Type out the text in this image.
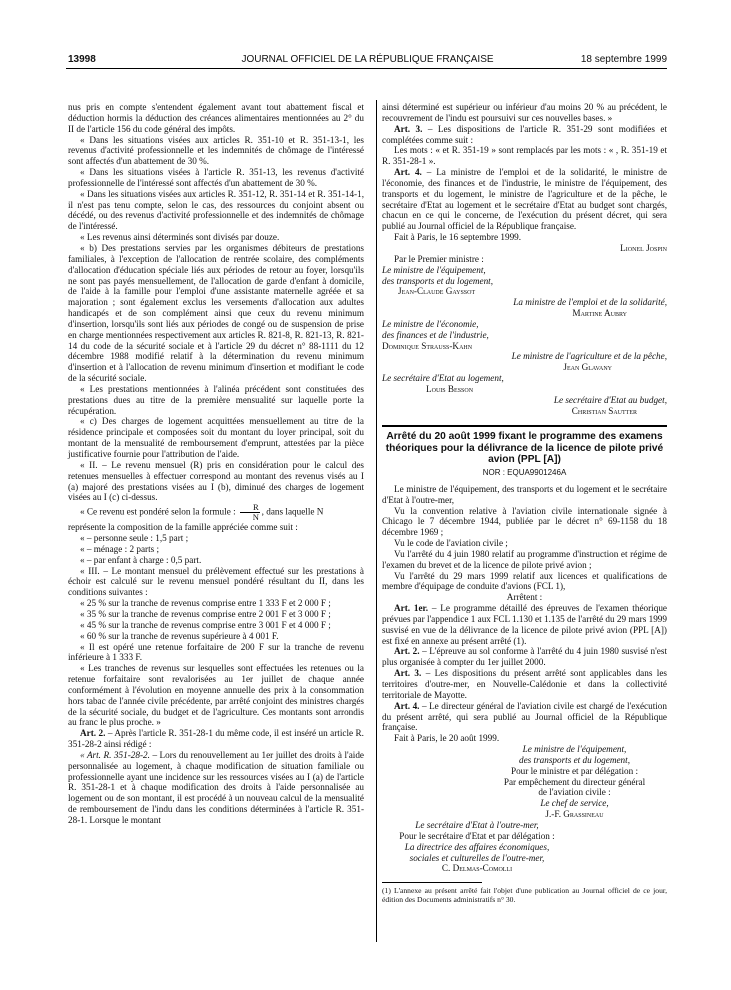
13998	JOURNAL OFFICIEL DE LA RÉPUBLIQUE FRANÇAISE	18 septembre 1999

nus pris en compte s'entendent également avant tout abattement fiscal et déduction hormis la déduction des créances alimentaires mentionnées au 2° du II de l'article 156 du code général des impôts.

« Dans les situations visées aux articles R. 351-10 et R. 351-13-1, les revenus d'activité professionnelle et les indemnités de chômage de l'intéressé sont affectés d'un abattement de 30 %.

« Dans les situations visées à l'article R. 351-13, les revenus d'activité professionnelle de l'intéressé sont affectés d'un abattement de 30 %.

« Dans les situations visées aux articles R. 351-12, R. 351-14 et R. 351-14-1, il n'est pas tenu compte, selon le cas, des ressources du conjoint absent ou décédé, ou des revenus d'activité professionnelle et des indemnités de chômage de l'intéressé.

« Les revenus ainsi déterminés sont divisés par douze.

« b) Des prestations servies par les organismes débiteurs de prestations familiales, à l'exception de l'allocation de rentrée scolaire, des compléments d'allocation d'éducation spéciale liés aux périodes de retour au foyer, lorsqu'ils ne sont pas payés mensuellement, de l'allocation de garde d'enfant à domicile, de l'aide à la famille pour l'emploi d'une assistante maternelle agréée et sa majoration ; sont également exclus les versements d'allocation aux adultes handicapés et de son complément ainsi que ceux du revenu minimum d'insertion, lorsqu'ils sont liés aux périodes de congé ou de suspension de prise en charge mentionnées respectivement aux articles R. 821-8, R. 821-13, R. 821-14 du code de la sécurité sociale et à l'article 29 du décret n° 88-1111 du 12 décembre 1988 modifié relatif à la détermination du revenu minimum d'insertion et à l'allocation de revenu minimum d'insertion et modifiant le code de la sécurité sociale.

« Les prestations mentionnées à l'alinéa précédent sont constituées des prestations dues au titre de la première mensualité sur laquelle porte la récupération.

« c) Des charges de logement acquittées mensuellement au titre de la résidence principale et composées soit du montant du loyer principal, soit du montant de la mensualité de remboursement d'emprunt, attestées par la pièce justificative fournie pour l'attribution de l'aide.

« II. – Le revenu mensuel (R) pris en considération pour le calcul des retenues mensuelles à effectuer correspond au montant des revenus visés au I (a) majoré des prestations visées au I (b), diminué des charges de logement visées au I (c) ci-dessus.

« Ce revenu est pondéré selon la formule : $\frac{R}{N}$ , dans laquelle N

représente la composition de la famille appréciée comme suit :

« – personne seule : 1,5 part ;

« – ménage : 2 parts ;

« – par enfant à charge : 0,5 part.

« III. – Le montant mensuel du prélèvement effectué sur les prestations à échoir est calculé sur le revenu mensuel pondéré résultant du II, dans les conditions suivantes :

« 25 % sur la tranche de revenus comprise entre 1 333 F et 2 000 F ;

« 35 % sur la tranche de revenus comprise entre 2 001 F et 3 000 F ;

« 45 % sur la tranche de revenus comprise entre 3 001 F et 4 000 F ;

« 60 % sur la tranche de revenus supérieure à 4 001 F.

« Il est opéré une retenue forfaitaire de 200 F sur la tranche de revenu inférieure à 1 333 F.

« Les tranches de revenus sur lesquelles sont effectuées les retenues ou la retenue forfaitaire sont revalorisées au 1er juillet de chaque année conformément à l'évolution en moyenne annuelle des prix à la consommation hors tabac de l'année civile précédente, par arrêté conjoint des ministres chargés de la sécurité sociale, du budget et de l'agriculture. Ces montants sont arrondis au franc le plus proche. »

Art. 2. – Après l'article R. 351-28-1 du même code, il est inséré un article R. 351-28-2 ainsi rédigé :

« Art. R. 351-28-2. – Lors du renouvellement au 1er juillet des droits à l'aide personnalisée au logement, à chaque modification de situation familiale ou professionnelle ayant une incidence sur les ressources visées au I (a) de l'article R. 351-28-1 et à chaque modification des droits à l'aide personnalisée au logement ou de son montant, il est procédé à un nouveau calcul de la mensualité de remboursement de l'indu dans les conditions déterminées à l'article R. 351-28-1. Lorsque le montant

ainsi déterminé est supérieur ou inférieur d'au moins 20 % au précédent, le recouvrement de l'indu est poursuivi sur ces nouvelles bases. »

Art. 3. – Les dispositions de l'article R. 351-29 sont modifiées et complétées comme suit :

Les mots : « et R. 351-19 » sont remplacés par les mots : « , R. 351-19 et R. 351-28-1 ».

Art. 4. – La ministre de l'emploi et de la solidarité, le ministre de l'économie, des finances et de l'industrie, le ministre de l'équipement, des transports et du logement, le ministre de l'agriculture et de la pêche, le secrétaire d'Etat au logement et le secrétaire d'Etat au budget sont chargés, chacun en ce qui le concerne, de l'exécution du présent décret, qui sera publié au Journal officiel de la République française.

Fait à Paris, le 16 septembre 1999.

Lionel Jospin

Par le Premier ministre :

Le ministre de l'équipement,

des transports et du logement,

Jean-Claude Gayssot

La ministre de l'emploi et de la solidarité,

Martine Aubry

Le ministre de l'économie,

des finances et de l'industrie,

Dominique Strauss-Kahn

Le ministre de l'agriculture et de la pêche,

Jean Glavany

Le secrétaire d'Etat au logement,

Louis Besson

Le secrétaire d'Etat au budget,

Christian Sautter

Arrêté du 20 août 1999 fixant le programme des examens théoriques pour la délivrance de la licence de pilote privé avion (PPL [A])

NOR : EQUA9901246A

Le ministre de l'équipement, des transports et du logement et le secrétaire d'Etat à l'outre-mer,

Vu la convention relative à l'aviation civile internationale signée à Chicago le 7 décembre 1944, publiée par le décret n° 69-1158 du 18 décembre 1969 ;

Vu le code de l'aviation civile ;

Vu l'arrêté du 4 juin 1980 relatif au programme d'instruction et régime de l'examen du brevet et de la licence de pilote privé avion ;

Vu l'arrêté du 29 mars 1999 relatif aux licences et qualifications de membre d'équipage de conduite d'avions (FCL 1),

Arrêtent :

Art. 1er. – Le programme détaillé des épreuves de l'examen théorique prévues par l'appendice 1 aux FCL 1.130 et 1.135 de l'arrêté du 29 mars 1999 susvisé en vue de la délivrance de la licence de pilote privé avion (PPL [A]) est fixé en annexe au présent arrêté (1).

Art. 2. – L'épreuve au sol conforme à l'arrêté du 4 juin 1980 susvisé n'est plus organisée à compter du 1er juillet 2000.

Art. 3. – Les dispositions du présent arrêté sont applicables dans les territoires d'outre-mer, en Nouvelle-Calédonie et dans la collectivité territoriale de Mayotte.

Art. 4. – Le directeur général de l'aviation civile est chargé de l'exécution du présent arrêté, qui sera publié au Journal officiel de la République française.

Fait à Paris, le 20 août 1999.

Le ministre de l'équipement,

des transports et du logement,

Pour le ministre et par délégation :

Par empêchement du directeur général

de l'aviation civile :

Le chef de service,

J.-F. Grassineau

Le secrétaire d'Etat à l'outre-mer,

Pour le secrétaire d'Etat et par délégation :

La directrice des affaires économiques,

sociales et culturelles de l'outre-mer,

C. Delmas-Comolli

(1) L'annexe au présent arrêté fait l'objet d'une publication au Journal officiel de ce jour, édition des Documents administratifs n° 30.
